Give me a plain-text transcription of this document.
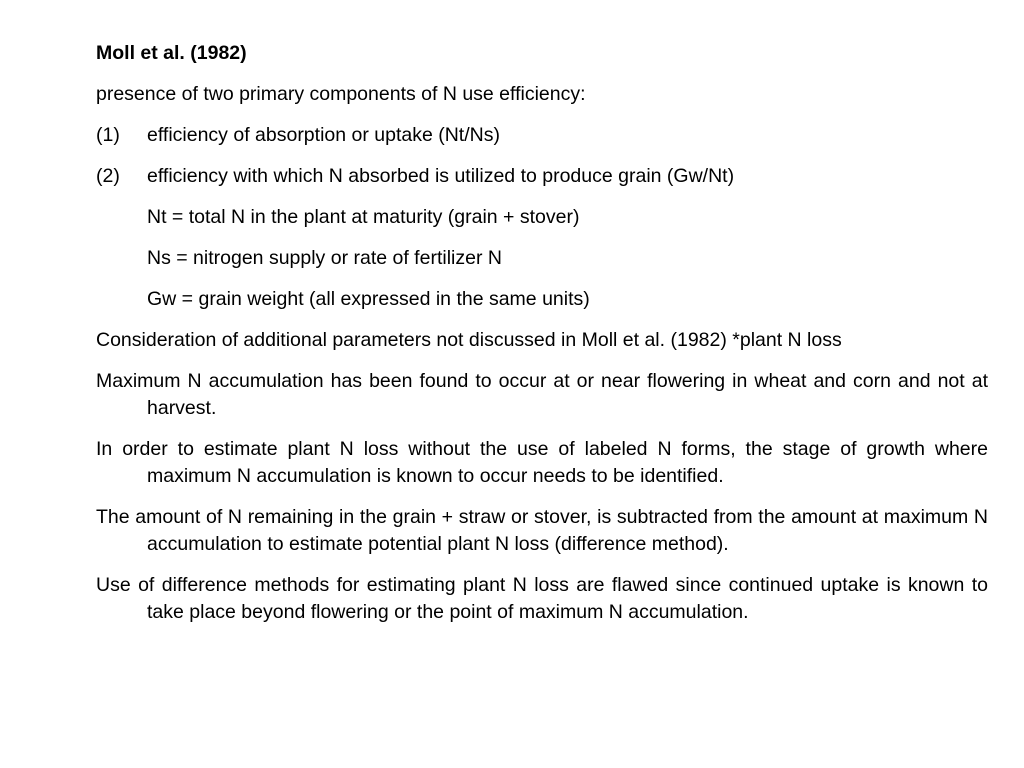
Moll et al. (1982)
presence of two primary components of N use efficiency:
(1)	efficiency of absorption or uptake (Nt/Ns)
(2)	efficiency with which N absorbed is utilized to produce grain (Gw/Nt)
Nt = total N in the plant at maturity (grain + stover)
Ns = nitrogen supply or rate of fertilizer N
Gw = grain weight (all expressed in the same units)
Consideration of additional parameters not discussed in Moll et al. (1982) *plant N loss
Maximum N accumulation has been found to occur at or near flowering in wheat and corn and not at harvest.
In order to estimate plant N loss without the use of labeled N forms, the stage of growth where maximum N accumulation is known to occur needs to be identified.
The amount of N remaining in the grain + straw or stover, is subtracted from the amount at maximum N accumulation to estimate potential plant N loss (difference method).
Use of difference methods for estimating plant N loss are flawed since continued uptake is known to take place beyond flowering or the point of maximum N accumulation.
